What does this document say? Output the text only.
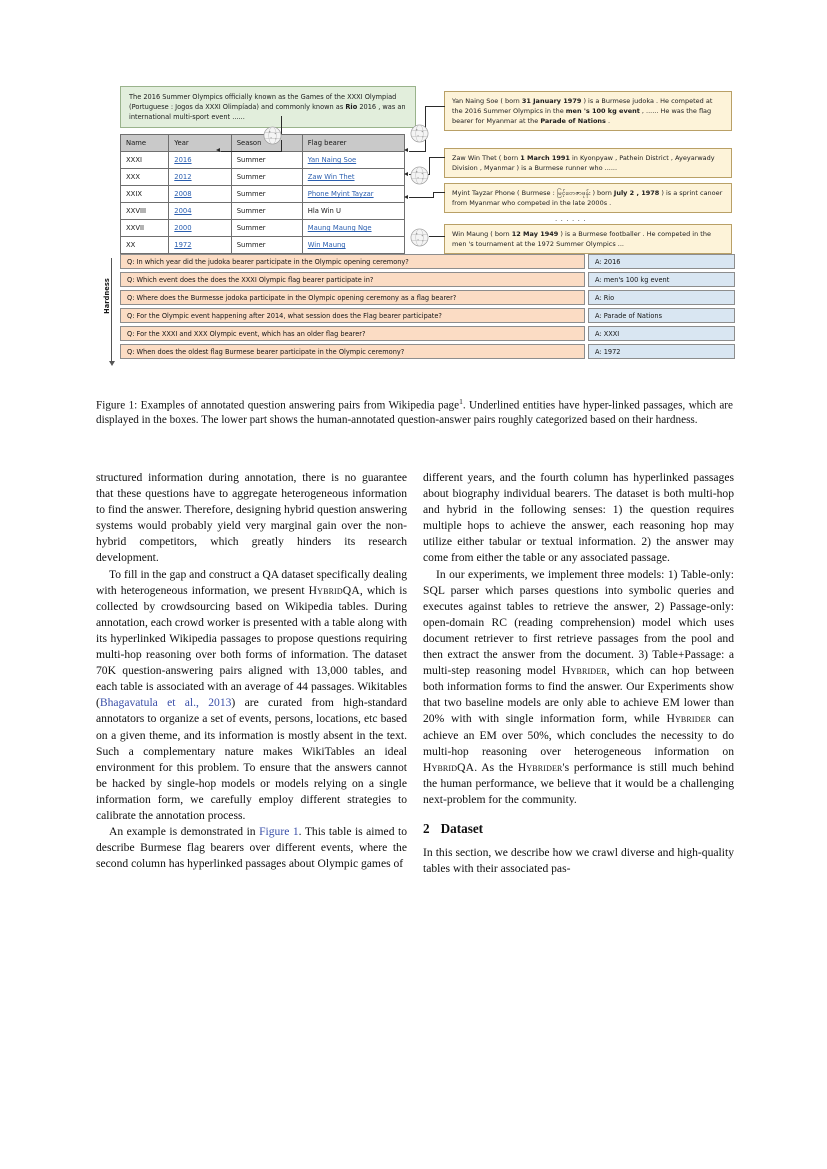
The 2016 Summer Olympics officially known as the Games of the XXXI Olympiad (Portuguese : Jogos da XXXI Olimpíada) and commonly known as Rio 2016 , was an international multi-sport event ......
Name	Year	Season	Flag bearer
XXXI	2016	Summer	Yan Naing Soe
XXX	2012	Summer	Zaw Win Thet
XXIX	2008	Summer	Phone Myint Tayzar
XXVIII	2004	Summer	Hla Win U
XXVII	2000	Summer	Maung Maung Nge
XX	1972	Summer	Win Maung
Yan Naing Soe ( born 31 January 1979 ) is a Burmese judoka . He competed at the 2016 Summer Olympics in the men 's 100 kg event , ...... He was the flag bearer for Myanmar at the Parade of Nations .
Zaw Win Thet ( born 1 March 1991 in Kyonpyaw , Pathein District , Ayeyarwady Division , Myanmar ) is a Burmese runner who ......
Myint Tayzar Phone ( Burmese : မြင့်တေဇာဖုန်း ) born July 2 , 1978 ) is a sprint canoer from Myanmar who competed in the late 2000s .
. . . . . .
Win Maung ( born 12 May 1949 ) is a Burmese footballer . He competed in the men 's tournament at the 1972 Summer Olympics ...
Hardness
Q: In which year did the judoka bearer participate in the Olympic opening ceremony?	A: 2016
Q: Which event does the does the XXXI Olympic flag bearer participate in?	A: men's 100 kg event
Q: Where does the Burmesse jodoka participate in the Olympic opening ceremony as a flag bearer?	A: Rio
Q: For the Olympic event happening after 2014, what session does the Flag bearer participate?	A: Parade of Nations
Q: For the XXXI and XXX Olympic event, which has an older flag bearer?	A: XXXI
Q: When does the oldest flag Burmese bearer participate in the Olympic ceremony?	A: 1972
Figure 1: Examples of annotated question answering pairs from Wikipedia page$^1$. Underlined entities have hyper-linked passages, which are displayed in the boxes. The lower part shows the human-annotated question-answer pairs roughly categorized based on their hardness.

structured information during annotation, there is no guarantee that these questions have to aggregate heterogeneous information to find the answer. Therefore, designing hybrid question answering systems would probably yield very marginal gain over the non-hybrid competitors, which greatly hinders its research development.

To fill in the gap and construct a QA dataset specifically dealing with heterogeneous information, we present HybridQA, which is collected by crowdsourcing based on Wikipedia tables. During annotation, each crowd worker is presented with a table along with its hyperlinked Wikipedia passages to propose questions requiring multi-hop reasoning over both forms of information. The dataset 70K question-answering pairs aligned with 13,000 tables, and each table is associated with an average of 44 passages. Wikitables (Bhagavatula et al., 2013) are curated from high-standard annotators to organize a set of events, persons, locations, etc based on a given theme, and its information is mostly absent in the text. Such a complementary nature makes WikiTables an ideal environment for this problem. To ensure that the answers cannot be hacked by single-hop models or models relying on a single information form, we carefully employ different strategies to calibrate the annotation process.

An example is demonstrated in Figure 1. This table is aimed to describe Burmese flag bearers over different events, where the second column has hyperlinked passages about Olympic games of

different years, and the fourth column has hyperlinked passages about biography individual bearers. The dataset is both multi-hop and hybrid in the following senses: 1) the question requires multiple hops to achieve the answer, each reasoning hop may utilize either tabular or textual information. 2) the answer may come from either the table or any associated passage.

In our experiments, we implement three models: 1) Table-only: SQL parser which parses questions into symbolic queries and executes against tables to retrieve the answer, 2) Passage-only: open-domain RC (reading comprehension) model which uses document retriever to first retrieve passages from the pool and then extract the answer from the document. 3) Table+Passage: a multi-step reasoning model Hybrider, which can hop between both information forms to find the answer. Our Experiments show that two baseline models are only able to achieve EM lower than 20% with with single information form, while Hybrider can achieve an EM over 50%, which concludes the necessity to do multi-hop reasoning over heterogeneous information on HybridQA. As the Hybrider's performance is still much behind the human performance, we believe that it would be a challenging next-problem for the community.

2 Dataset

In this section, we describe how we crawl diverse and high-quality tables with their associated pas-
